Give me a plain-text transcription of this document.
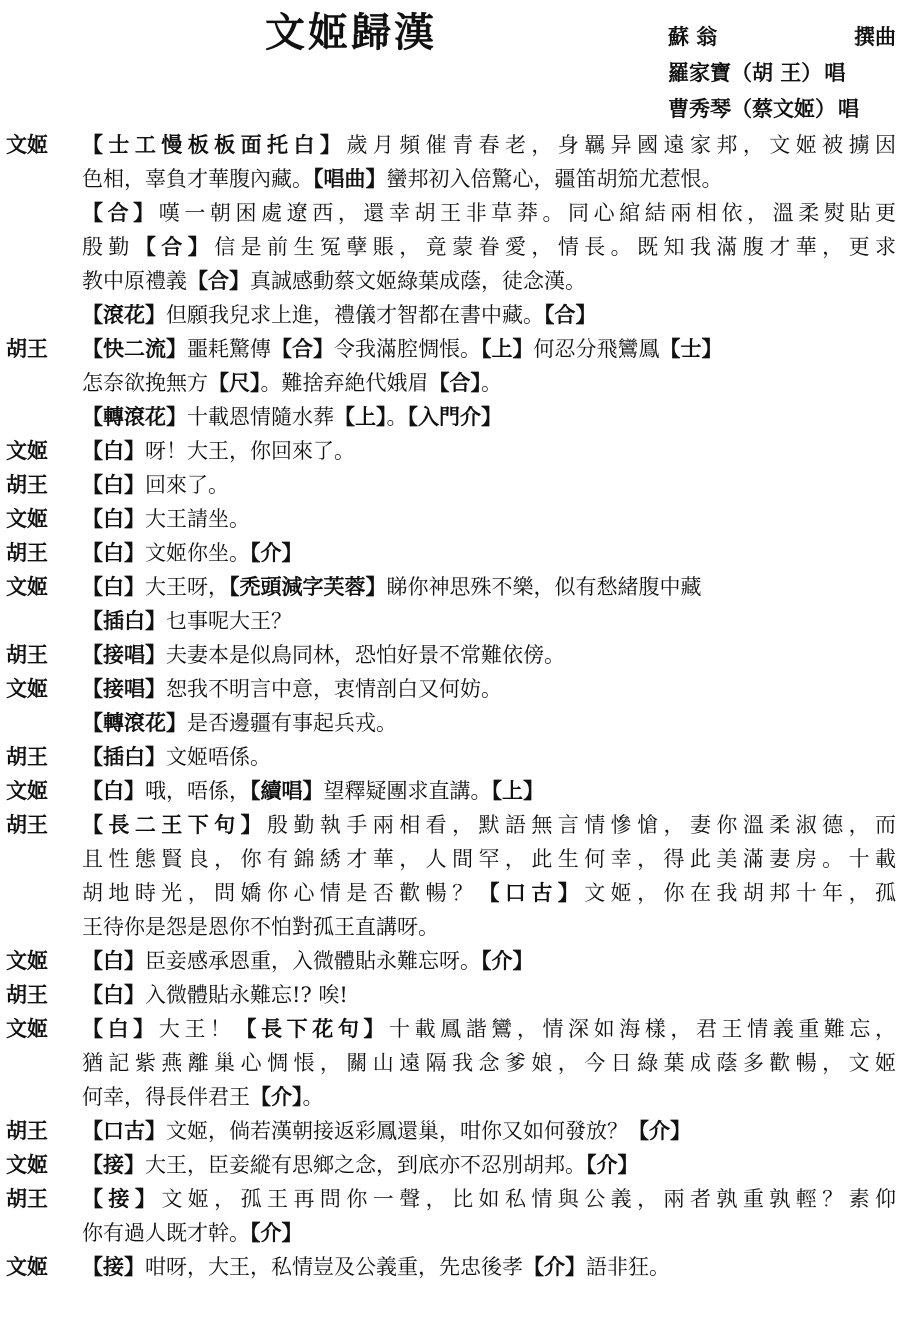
文姬歸漢	蘇 翁	撰曲
羅家寶（胡 王） 唱
曹秀琴（蔡文姬） 唱
文姬	【士工慢板板面托白】歲月頻催青春老，身羈异國遠家邦，文姬被擄因
色相，辜負才華腹內藏。【唱曲】蠻邦初入倍驚心，疆笛胡笳尤惹恨。
【合】嘆一朝困處遼西，還幸胡王非草莽。同心綰結兩相依，溫柔熨貼更
殷勤【合】信是前生冤孽賬，竟蒙眷愛，情長。既知我滿腹才華，更求
教中原禮義【合】真誠感動蔡文姬綠葉成蔭，徒念漢。
【滾花】但願我兒求上進，禮儀才智都在書中藏。【合】
胡王	【快二流】噩耗驚傳【合】令我滿腔惆悵。【上】何忍分飛鸞鳳【士】
怎奈欲挽無方【尺】。難捨弃絶代娥眉【合】。
【轉滾花】十載恩情隨水葬【上】。【入門介】
文姬	【白】呀！大王，你回來了。
胡王	【白】回來了。
文姬	【白】大王請坐。
胡王	【白】文姬你坐。【介】
文姬	【白】大王呀，【禿頭減字芙蓉】睇你神思殊不樂，似有愁緒腹中藏
【插白】乜事呢大王？
胡王	【接唱】夫妻本是似鳥同林，恐怕好景不常難依傍。
文姬	【接唱】恕我不明言中意，衷情剖白又何妨。
【轉滾花】是否邊疆有事起兵戎。
胡王	【插白】文姬唔係。
文姬	【白】哦，唔係，【續唱】望釋疑團求直講。【上】
胡王	【長二王下句】殷勤執手兩相看，默語無言情慘愴，妻你溫柔淑德，而
且性態賢良，你有錦綉才華，人間罕，此生何幸，得此美滿妻房。十載
胡地時光，問嬌你心情是否歡暢？【口古】文姬，你在我胡邦十年，孤
王待你是怨是恩你不怕對孤王直講呀。
文姬	【白】臣妾感承恩重，入微體貼永難忘呀。【介】
胡王	【白】入微體貼永難忘!? 唉!
文姬	【白】大王！【長下花句】十載鳳諧鸞，情深如海樣，君王情義重難忘，
猶記紫燕離巢心惆悵，關山遠隔我念爹娘，今日綠葉成蔭多歡暢，文姬
何幸，得長伴君王【介】。
胡王	【口古】文姬，倘若漢朝接返彩鳳還巢，咁你又如何發放？【介】
文姬	【接】大王，臣妾縱有思鄉之念，到底亦不忍別胡邦。【介】
胡王	【接】文姬，孤王再問你一聲，比如私情與公義，兩者孰重孰輕？素仰
你有過人既才幹。【介】
文姬	【接】咁呀，大王，私情豈及公義重，先忠後孝【介】語非狂。
